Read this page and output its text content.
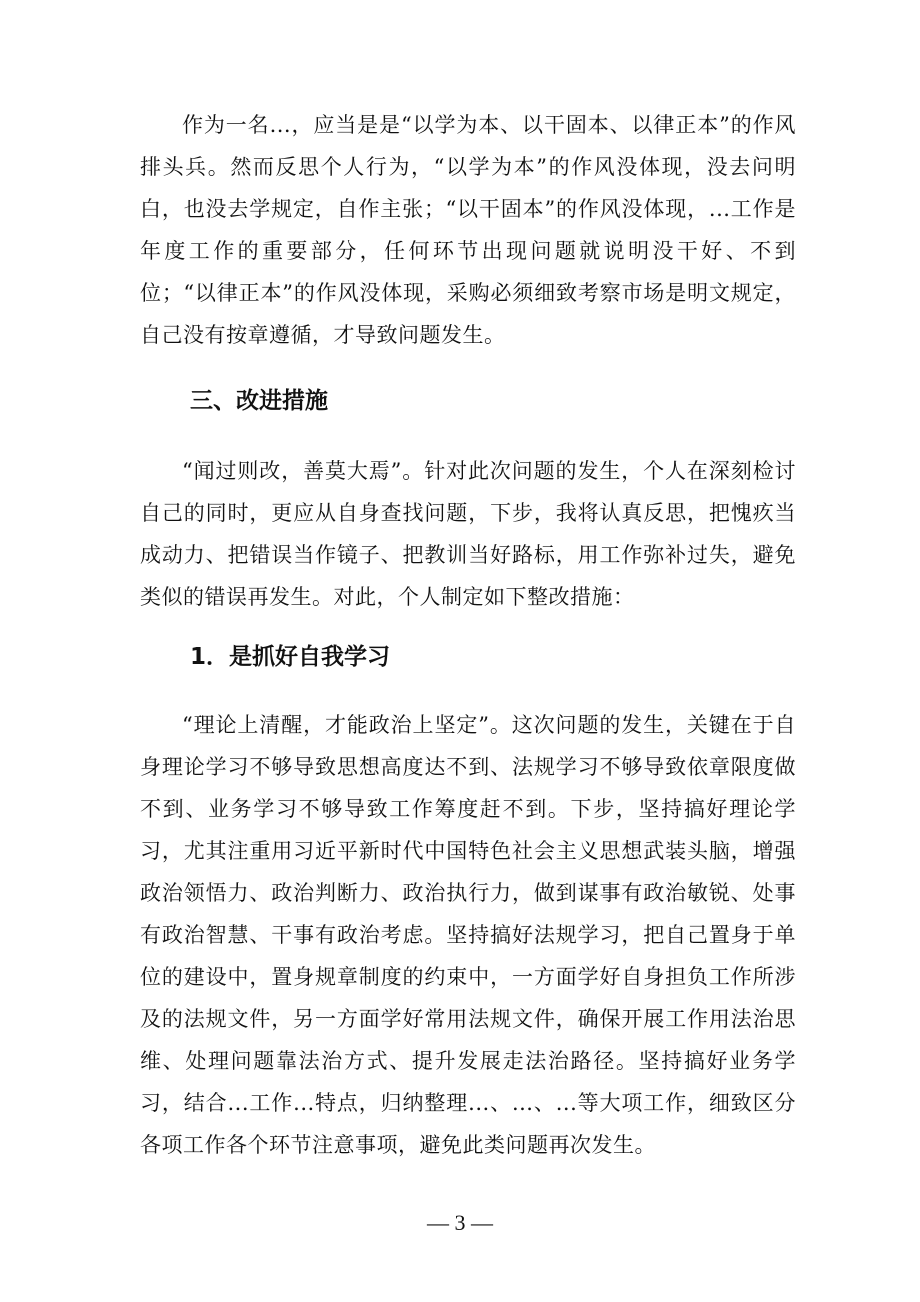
作为一名...，应当是是“以学为本、以干固本、以律正本”的作风排头兵。然而反思个人行为，“以学为本”的作风没体现，没去问明白，也没去学规定，自作主张；“以干固本”的作风没体现，...工作是年度工作的重要部分，任何环节出现问题就说明没干好、不到位；“以律正本”的作风没体现，采购必须细致考察市场是明文规定，自己没有按章遵循，才导致问题发生。

三、改进措施

“闻过则改，善莫大焉”。针对此次问题的发生，个人在深刻检讨自己的同时，更应从自身查找问题，下步，我将认真反思，把愧疚当成动力、把错误当作镜子、把教训当好路标，用工作弥补过失，避免类似的错误再发生。对此，个人制定如下整改措施：

1．是抓好自我学习

“理论上清醒，才能政治上坚定”。这次问题的发生，关键在于自身理论学习不够导致思想高度达不到、法规学习不够导致依章限度做不到、业务学习不够导致工作筹度赶不到。下步，坚持搞好理论学习，尤其注重用习近平新时代中国特色社会主义思想武装头脑，增强政治领悟力、政治判断力、政治执行力，做到谋事有政治敏锐、处事有政治智慧、干事有政治考虑。坚持搞好法规学习，把自己置身于单位的建设中，置身规章制度的约束中，一方面学好自身担负工作所涉及的法规文件，另一方面学好常用法规文件，确保开展工作用法治思维、处理问题靠法治方式、提升发展走法治路径。坚持搞好业务学习，结合...工作...特点，归纳整理...、...、...等大项工作，细致区分各项工作各个环节注意事项，避免此类问题再次发生。

— 3 —
